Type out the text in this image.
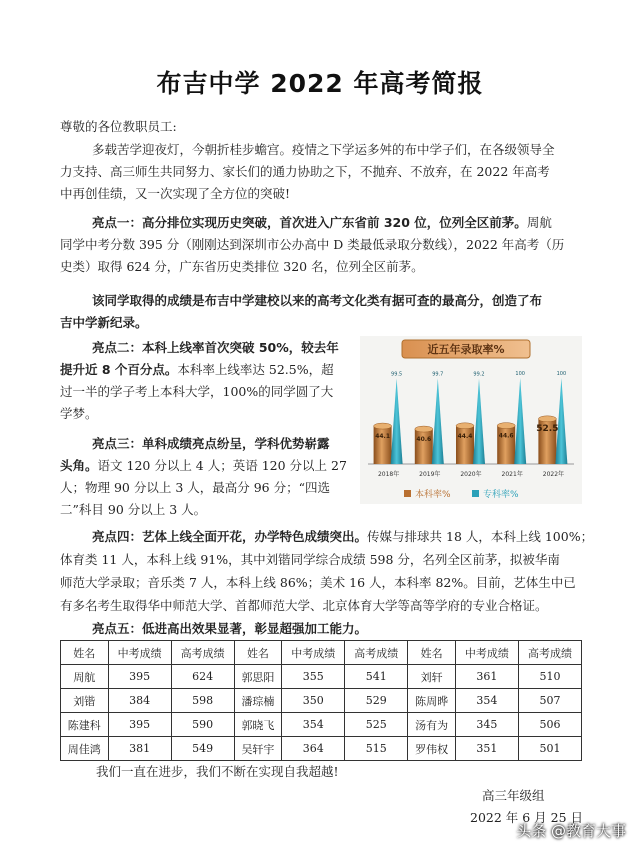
布吉中学 2022 年高考简报
尊敬的各位教职员工:
多载苦学迎夜灯，今朝折桂步蟾宫。疫情之下学运多舛的布中学子们，在各级领导全
力支持、高三师生共同努力、家长们的通力协助之下，不抛弃、不放弃，在 2022 年高考
中再创佳绩，又一次实现了全方位的突破!
亮点一：高分排位实现历史突破，首次进入广东省前 320 位，位列全区前茅。周航
同学中考分数 395 分（刚刚达到深圳市公办高中 D 类最低录取分数线），2022 年高考（历
史类）取得 624 分，广东省历史类排位 320 名，位列全区前茅。
该同学取得的成绩是布吉中学建校以来的高考文化类有据可查的最高分，创造了布
吉中学新纪录。
亮点二：本科上线率首次突破 50%，较去年
提升近 8 个百分点。本科率上线率达 52.5%，超
过一半的学子考上本科大学，100%的同学圆了大
学梦。
亮点三：单科成绩亮点纷呈，学科优势崭露
头角。语文 120 分以上 4 人；英语 120 分以上 27
人；物理 90 分以上 3 人，最高分 96 分；“四选
二”科目 90 分以上 3 人。
近五年录取率%
44.1
99.5
2018年
40.6
99.7
2019年
44.4
99.2
2020年
44.6
100
2021年
52.5
100
2022年
本科率%	专科率%
亮点四：艺体上线全面开花，办学特色成绩突出。传媒与排球共 18 人，本科上线 100%；
体育类 11 人，本科上线 91%，其中刘锴同学综合成绩 598 分，名列全区前茅，拟被华南
师范大学录取；音乐类 7 人，本科上线 86%；美术 16 人，本科率 82%。目前，艺体生中已
有多名考生取得华中师范大学、首都师范大学、北京体育大学等高等学府的专业合格证。
亮点五：低进高出效果显著，彰显超强加工能力。
姓名	中考成绩	高考成绩	姓名	中考成绩	高考成绩	姓名	中考成绩	高考成绩
周航	395	624	郭思阳	355	541	刘轩	361	510
刘锴	384	598	潘琮楠	350	529	陈周晔	354	507
陈建科	395	590	郭晓飞	354	525	汤有为	345	506
周佳鸿	381	549	吴轩宇	364	515	罗伟权	351	501
我们一直在进步，我们不断在实现自我超越!
高三年级组
2022 年 6 月 25 日
头条 @教育大事
